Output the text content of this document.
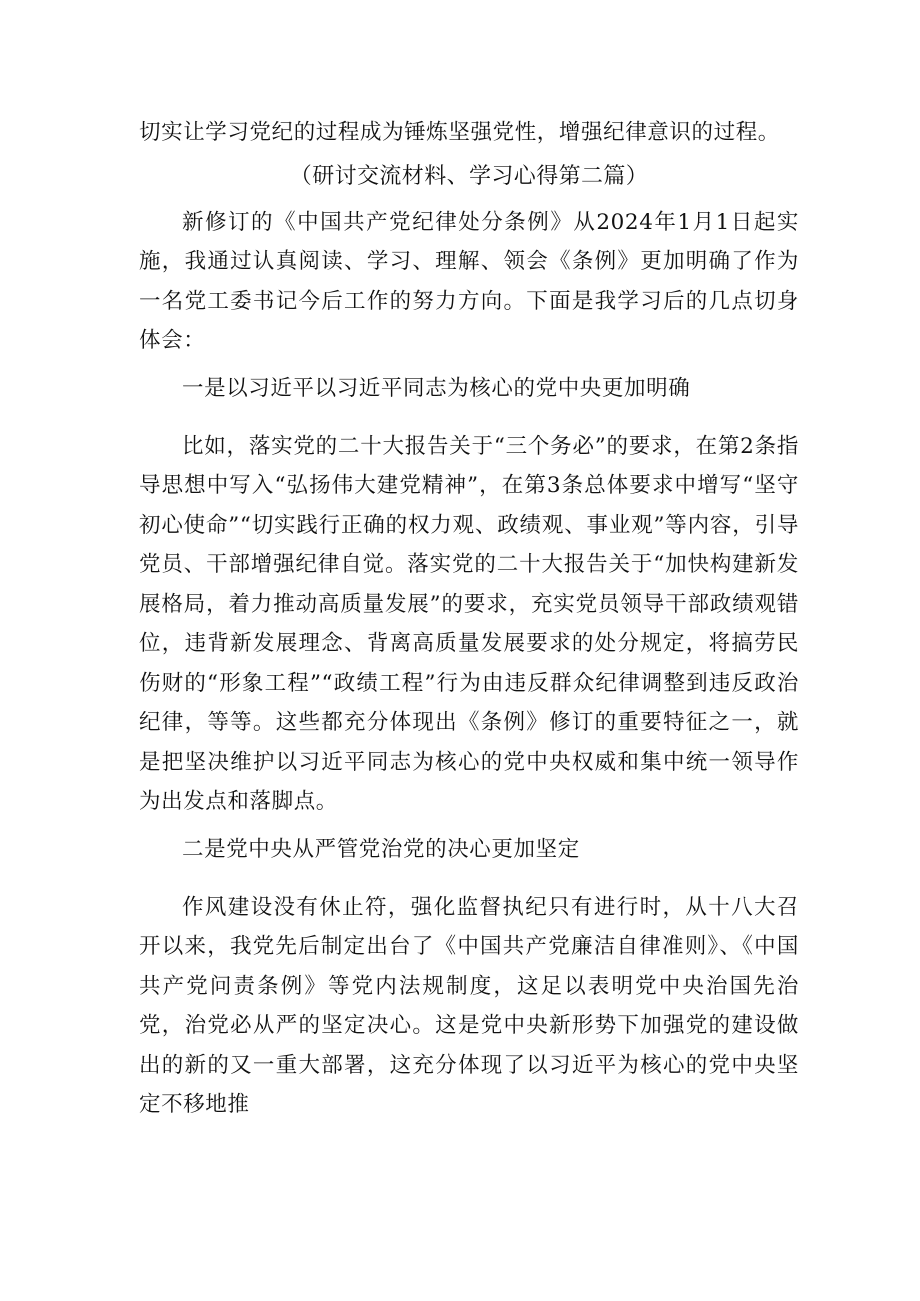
切实让学习党纪的过程成为锤炼坚强党性，增强纪律意识的过程。

（研讨交流材料、学习心得第二篇）

新修订的《中国共产党纪律处分条例》从2024年1月1日起实施，我通过认真阅读、学习、理解、领会《条例》更加明确了作为一名党工委书记今后工作的努力方向。下面是我学习后的几点切身体会：

一是以习近平以习近平同志为核心的党中央更加明确

比如，落实党的二十大报告关于“三个务必”的要求，在第2条指导思想中写入“弘扬伟大建党精神”，在第3条总体要求中增写“坚守初心使命”“切实践行正确的权力观、政绩观、事业观”等内容，引导党员、干部增强纪律自觉。落实党的二十大报告关于“加快构建新发展格局，着力推动高质量发展”的要求，充实党员领导干部政绩观错位，违背新发展理念、背离高质量发展要求的处分规定，将搞劳民伤财的“形象工程”“政绩工程”行为由违反群众纪律调整到违反政治纪律，等等。这些都充分体现出《条例》修订的重要特征之一，就是把坚决维护以习近平同志为核心的党中央权威和集中统一领导作为出发点和落脚点。

二是党中央从严管党治党的决心更加坚定

作风建设没有休止符，强化监督执纪只有进行时，从十八大召开以来，我党先后制定出台了《中国共产党廉洁自律准则》、《中国共产党问责条例》等党内法规制度，这足以表明党中央治国先治党，治党必从严的坚定决心。这是党中央新形势下加强党的建设做出的新的又一重大部署，这充分体现了以习近平为核心的党中央坚定不移地推
